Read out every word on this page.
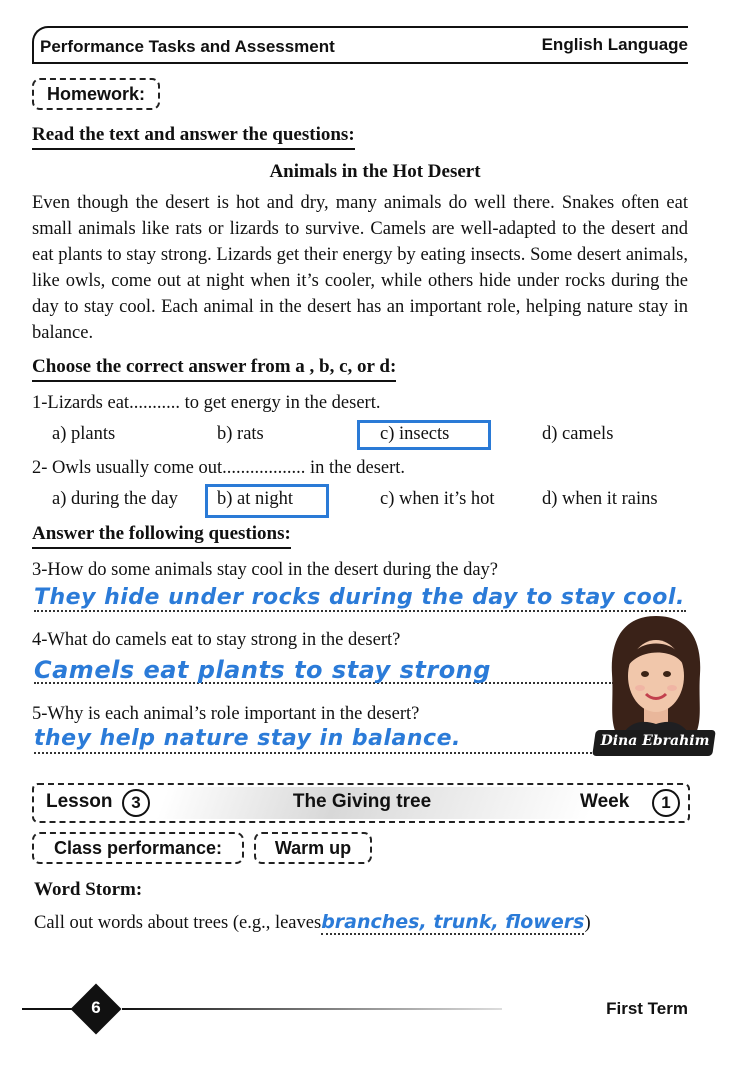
Performance Tasks and Assessment	English Language
Homework:
Read the text and answer the questions:
Animals in the Hot Desert
Even though the desert is hot and dry, many animals do well there. Snakes often eat small animals like rats or lizards to survive. Camels are well-adapted to the desert and eat plants to stay strong. Lizards get their energy by eating insects. Some desert animals, like owls, come out at night when it’s cooler, while others hide under rocks during the day to stay cool. Each animal in the desert has an important role, helping nature stay in balance.
Choose the correct answer from a , b, c, or d:
1-Lizards eat........... to get energy in the desert.
a) plants	b) rats	c) insects	d) camels
2- Owls usually come out.................. in the desert.
a) during the day b) at night	c) when it’s hot	d) when it rains
Answer the following questions:
3-How do some animals stay cool in the desert during the day?
They hide under rocks during the day to stay cool.
4-What do camels eat to stay strong in the desert?
Camels eat plants to stay strong
5-Why is each animal’s role important in the desert?
they help nature stay in balance.	Dina Ebrahim
Lesson	3	The Giving tree	Week	1
Class performance:	Warm up
Word Storm:
Call out words about trees (e.g., leavesbranches, trunk, flowers)
6	First Term
